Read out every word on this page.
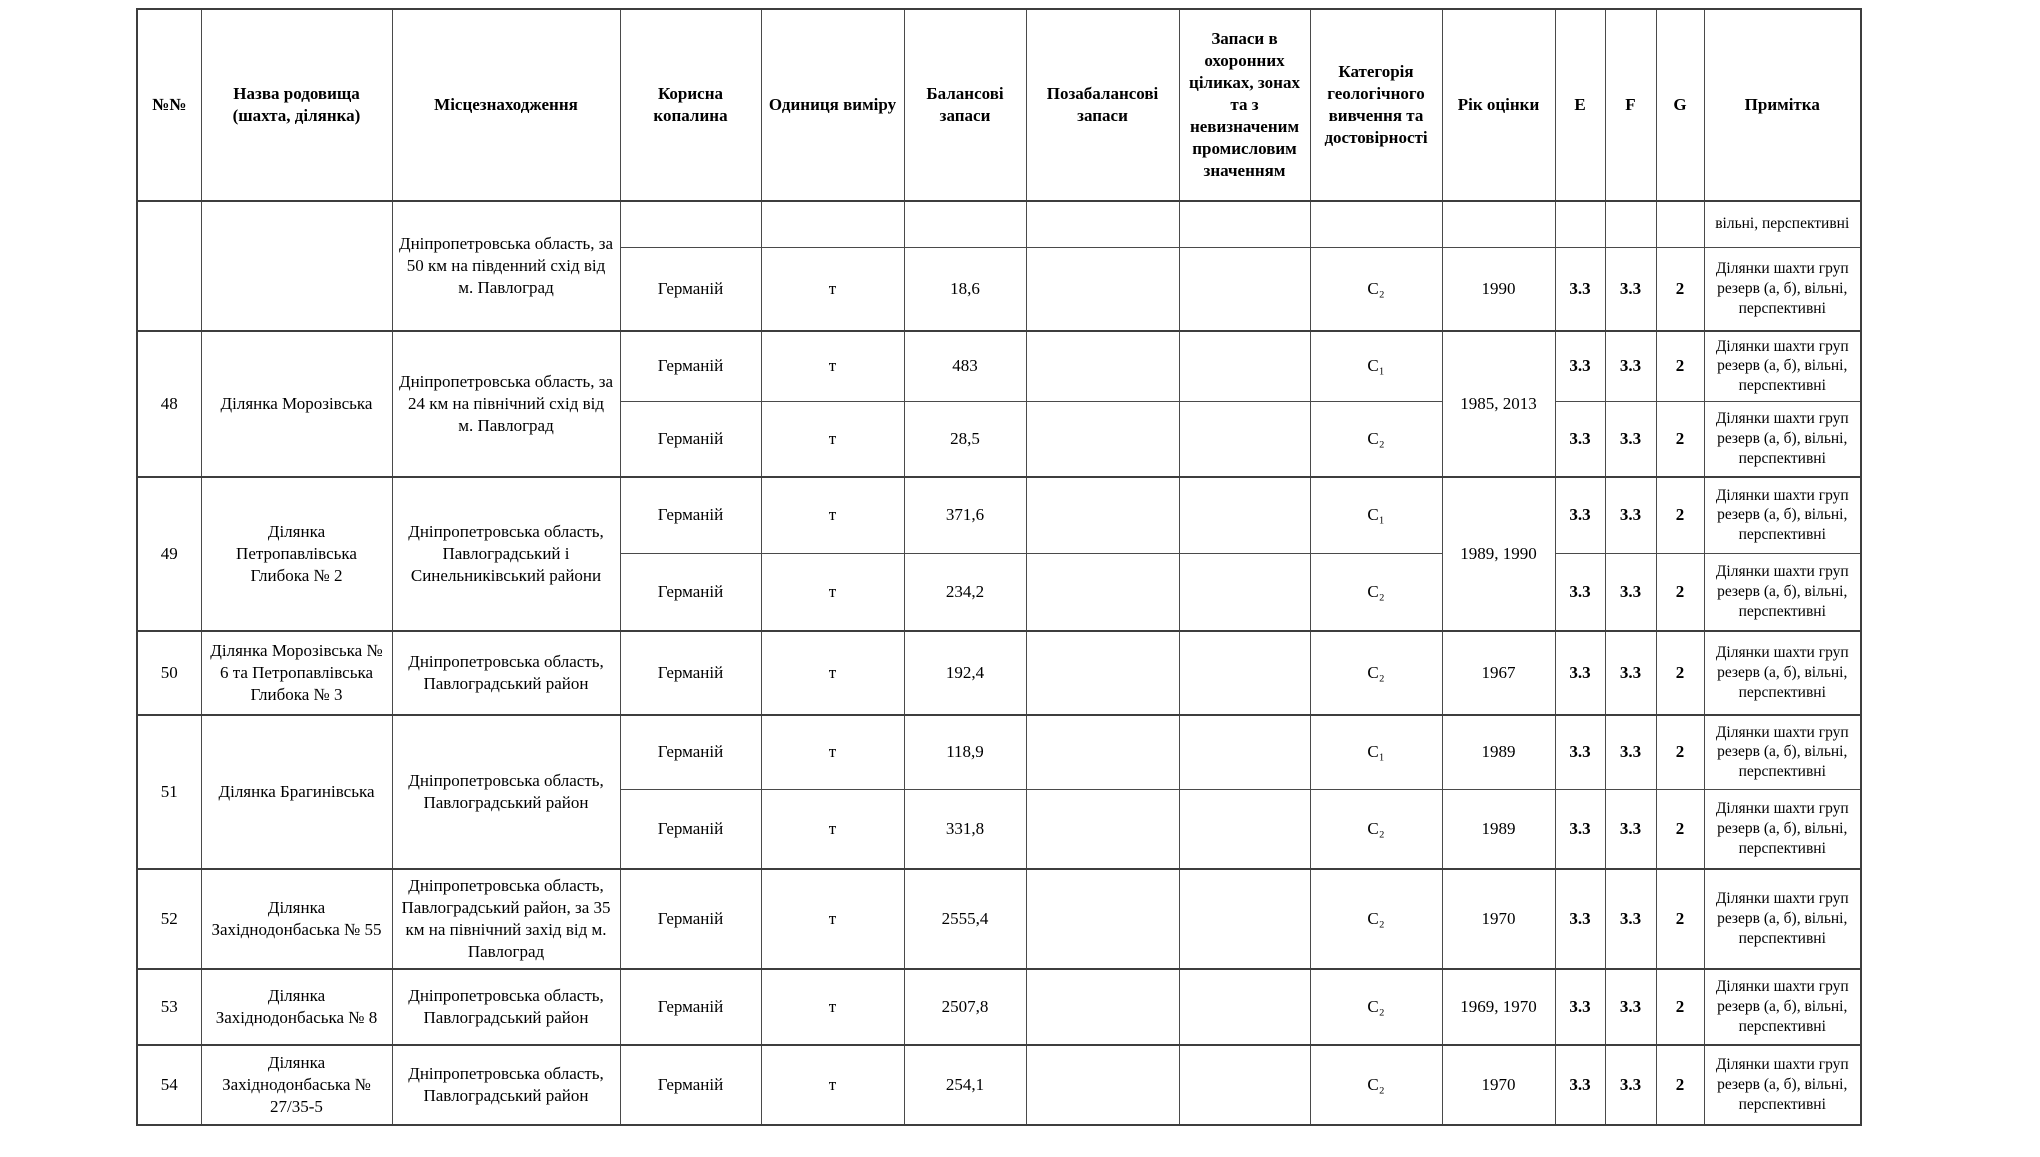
№№	Назва родовища (шахта, ділянка)	Місцезнаходження	Корисна копалина	Одиниця виміру	Балансові запаси	Позабалансові запаси	Запаси в охоронних ціликах, зонах та з невизначеним промисловим значенням	Категорія геологічного вивчення та достовірності	Рік оцінки	E	F	G	Примітка
		Дніпропетровська область, за 50 км на південний схід від м. Павлоград											вільні, перспективні
			Германій	т	18,6			С₂	1990	3.3	3.3	2	Ділянки шахти груп резерв (а, б), вільні, перспективні
48	Ділянка Морозівська	Дніпропетровська область, за 24 км на північний схід від м. Павлоград	Германій	т	483			С₁	1985, 2013	3.3	3.3	2	Ділянки шахти груп резерв (а, б), вільні, перспективні
			Германій	т	28,5			С₂		3.3	3.3	2	Ділянки шахти груп резерв (а, б), вільні, перспективні
49	Ділянка Петропавлівська Глибока № 2	Дніпропетровська область, Павлоградський і Синельниківський райони	Германій	т	371,6			С₁	1989, 1990	3.3	3.3	2	Ділянки шахти груп резерв (а, б), вільні, перспективні
			Германій	т	234,2			С₂		3.3	3.3	2	Ділянки шахти груп резерв (а, б), вільні, перспективні
50	Ділянка Морозівська № 6 та Петропавлівська Глибока № 3	Дніпропетровська область, Павлоградський район	Германій	т	192,4			С₂	1967	3.3	3.3	2	Ділянки шахти груп резерв (а, б), вільні, перспективні
51	Ділянка Брагинівська	Дніпропетровська область, Павлоградський район	Германій	т	118,9			С₁	1989	3.3	3.3	2	Ділянки шахти груп резерв (а, б), вільні, перспективні
			Германій	т	331,8			С₂	1989	3.3	3.3	2	Ділянки шахти груп резерв (а, б), вільні, перспективні
52	Ділянка Західнодонбаська № 55	Дніпропетровська область, Павлоградський район, за 35 км на північний захід від м. Павлоград	Германій	т	2555,4			С₂	1970	3.3	3.3	2	Ділянки шахти груп резерв (а, б), вільні, перспективні
53	Ділянка Західнодонбаська № 8	Дніпропетровська область, Павлоградський район	Германій	т	2507,8			С₂	1969, 1970	3.3	3.3	2	Ділянки шахти груп резерв (а, б), вільні, перспективні
54	Ділянка Західнодонбаська № 27/35-5	Дніпропетровська область, Павлоградський район	Германій	т	254,1			С₂	1970	3.3	3.3	2	Ділянки шахти груп резерв (а, б), вільні, перспективні
